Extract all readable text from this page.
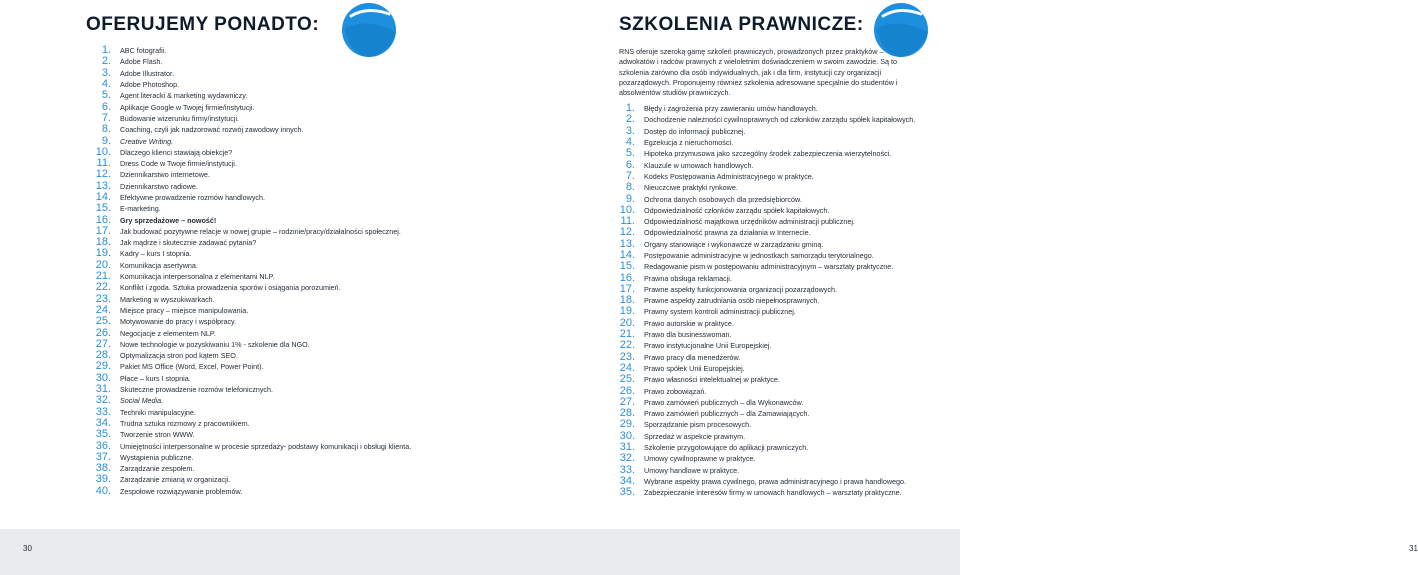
OFERUJEMY PONADTO:
1. ABC fotografii.
2. Adobe Flash.
3. Adobe Illustrator.
4. Adobe Photoshop.
5. Agent literacki & marketing wydawniczy.
6. Aplikacje Google w Twojej firmie/instytucji.
7. Budowanie wizerunku firmy/instytucji.
8. Coaching, czyli jak nadzorować rozwój zawodowy innych.
9. Creative Writing.
10. Dlaczego klienci stawiają obiekcje?
11. Dress Code w Twoje firmie/instytucji.
12. Dziennikarstwo internetowe.
13. Dziennikarstwo radiowe.
14. Efektywne prowadzenie rozmów handlowych.
15. E-marketing.
16. Gry sprzedażowe – nowość!
17. Jak budować pozytywne relacje w nowej grupie – rodzinie/pracy/działalności społecznej.
18. Jak mądrze i skutecznie zadawać pytania?
19. Kadry – kurs I stopnia.
20. Komunikacja asertywna.
21. Komunikacja interpersonalna z elementami NLP.
22. Konflikt i zgoda. Sztuka prowadzenia sporów i osiągania porozumień.
23. Marketing w wyszukiwarkach.
24. Miejsce pracy – miejsce manipulowania.
25. Motywowanie do pracy i współpracy.
26. Negocjacje z elementem NLP.
27. Nowe technologie w pozyskiwaniu 1% - szkolenie dla NGO.
28. Optymalizacja stron pod kątem SEO.
29. Pakiet MS Office (Word, Excel, Power Point).
30. Płace – kurs I stopnia.
31. Skuteczne prowadzenie rozmów telefonicznych.
32. Social Media.
33. Techniki manipulacyjne.
34. Trudna sztuka rozmowy z pracownikiem.
35. Tworzenie stron WWW.
36. Umiejętności interpersonalne w procesie sprzedaży- podstawy komunikacji i obsługi klienta.
37. Wystąpienia publiczne.
38. Zarządzanie zespołem.
39. Zarządzanie zmianą w organizacji.
40. Zespołowe rozwiązywanie problemów.
30
SZKOLENIA PRAWNICZE:

RNS oferuje szeroką gamę szkoleń prawniczych, prowadzonych przez praktyków – adwokatów i radców prawnych z wieloletnim doświadczeniem w swoim zawodzie. Są to szkolenia zarówno dla osób indywidualnych, jak i dla firm, instytucji czy organizacji pozarządowych. Proponujemy również szkolenia adresowane specjalnie do studentów i absolwentów studiów prawniczych.

1. Błędy i zagrożenia przy zawieraniu umów handlowych.
2. Dochodzenie należności cywilnoprawnych od członków zarządu spółek kapitałowych.
3. Dostęp do informacji publicznej.
4. Egzekucja z nieruchomości.
5. Hipoteka przymusowa jako szczególny środek zabezpieczenia wierzytelności.
6. Klauzule w umowach handlowych.
7. Kodeks Postępowania Administracyjnego w praktyce.
8. Nieuczciwe praktyki rynkowe.
9. Ochrona danych osobowych dla przedsiębiorców.
10. Odpowiedzialność członków zarządu spółek kapitałowych.
11. Odpowiedzialność majątkowa urzędników administracji publicznej.
12. Odpowiedzialność prawna za działania w Internecie.
13. Organy stanowiące i wykonawcze w zarządzaniu gminą.
14. Postępowanie administracyjne w jednostkach samorządu terytorialnego.
15. Redagowanie pism w postępowaniu administracyjnym – warsztaty praktyczne.
16. Prawna obsługa reklamacji.
17. Prawne aspekty funkcjonowania organizacji pozarządowych.
18. Prawne aspekty zatrudniania osób niepełnosprawnych.
19. Prawny system kontroli administracji publicznej.
20. Prawo autorskie w praktyce.
21. Prawo dla businesswoman.
22. Prawo instytucjonalne Unii Europejskiej.
23. Prawo pracy dla menedżerów.
24. Prawo spółek Unii Europejskiej.
25. Prawo własności intelektualnej w praktyce.
26. Prawo zobowiązań.
27. Prawo zamówień publicznych – dla Wykonawców.
28. Prawo zamówień publicznych – dla Zamawiających.
29. Sporządzanie pism procesowych.
30. Sprzedaż w aspekcie prawnym.
31. Szkolenie przygotowujące do aplikacji prawniczych.
32. Umowy cywilnoprawne w praktyce.
33. Umowy handlowe w praktyce.
34. Wybrane aspekty prawa cywilnego, prawa administracyjnego i prawa handlowego.
35. Zabezpieczanie interesów firmy w umowach handlowych – warsztaty praktyczne.
31
